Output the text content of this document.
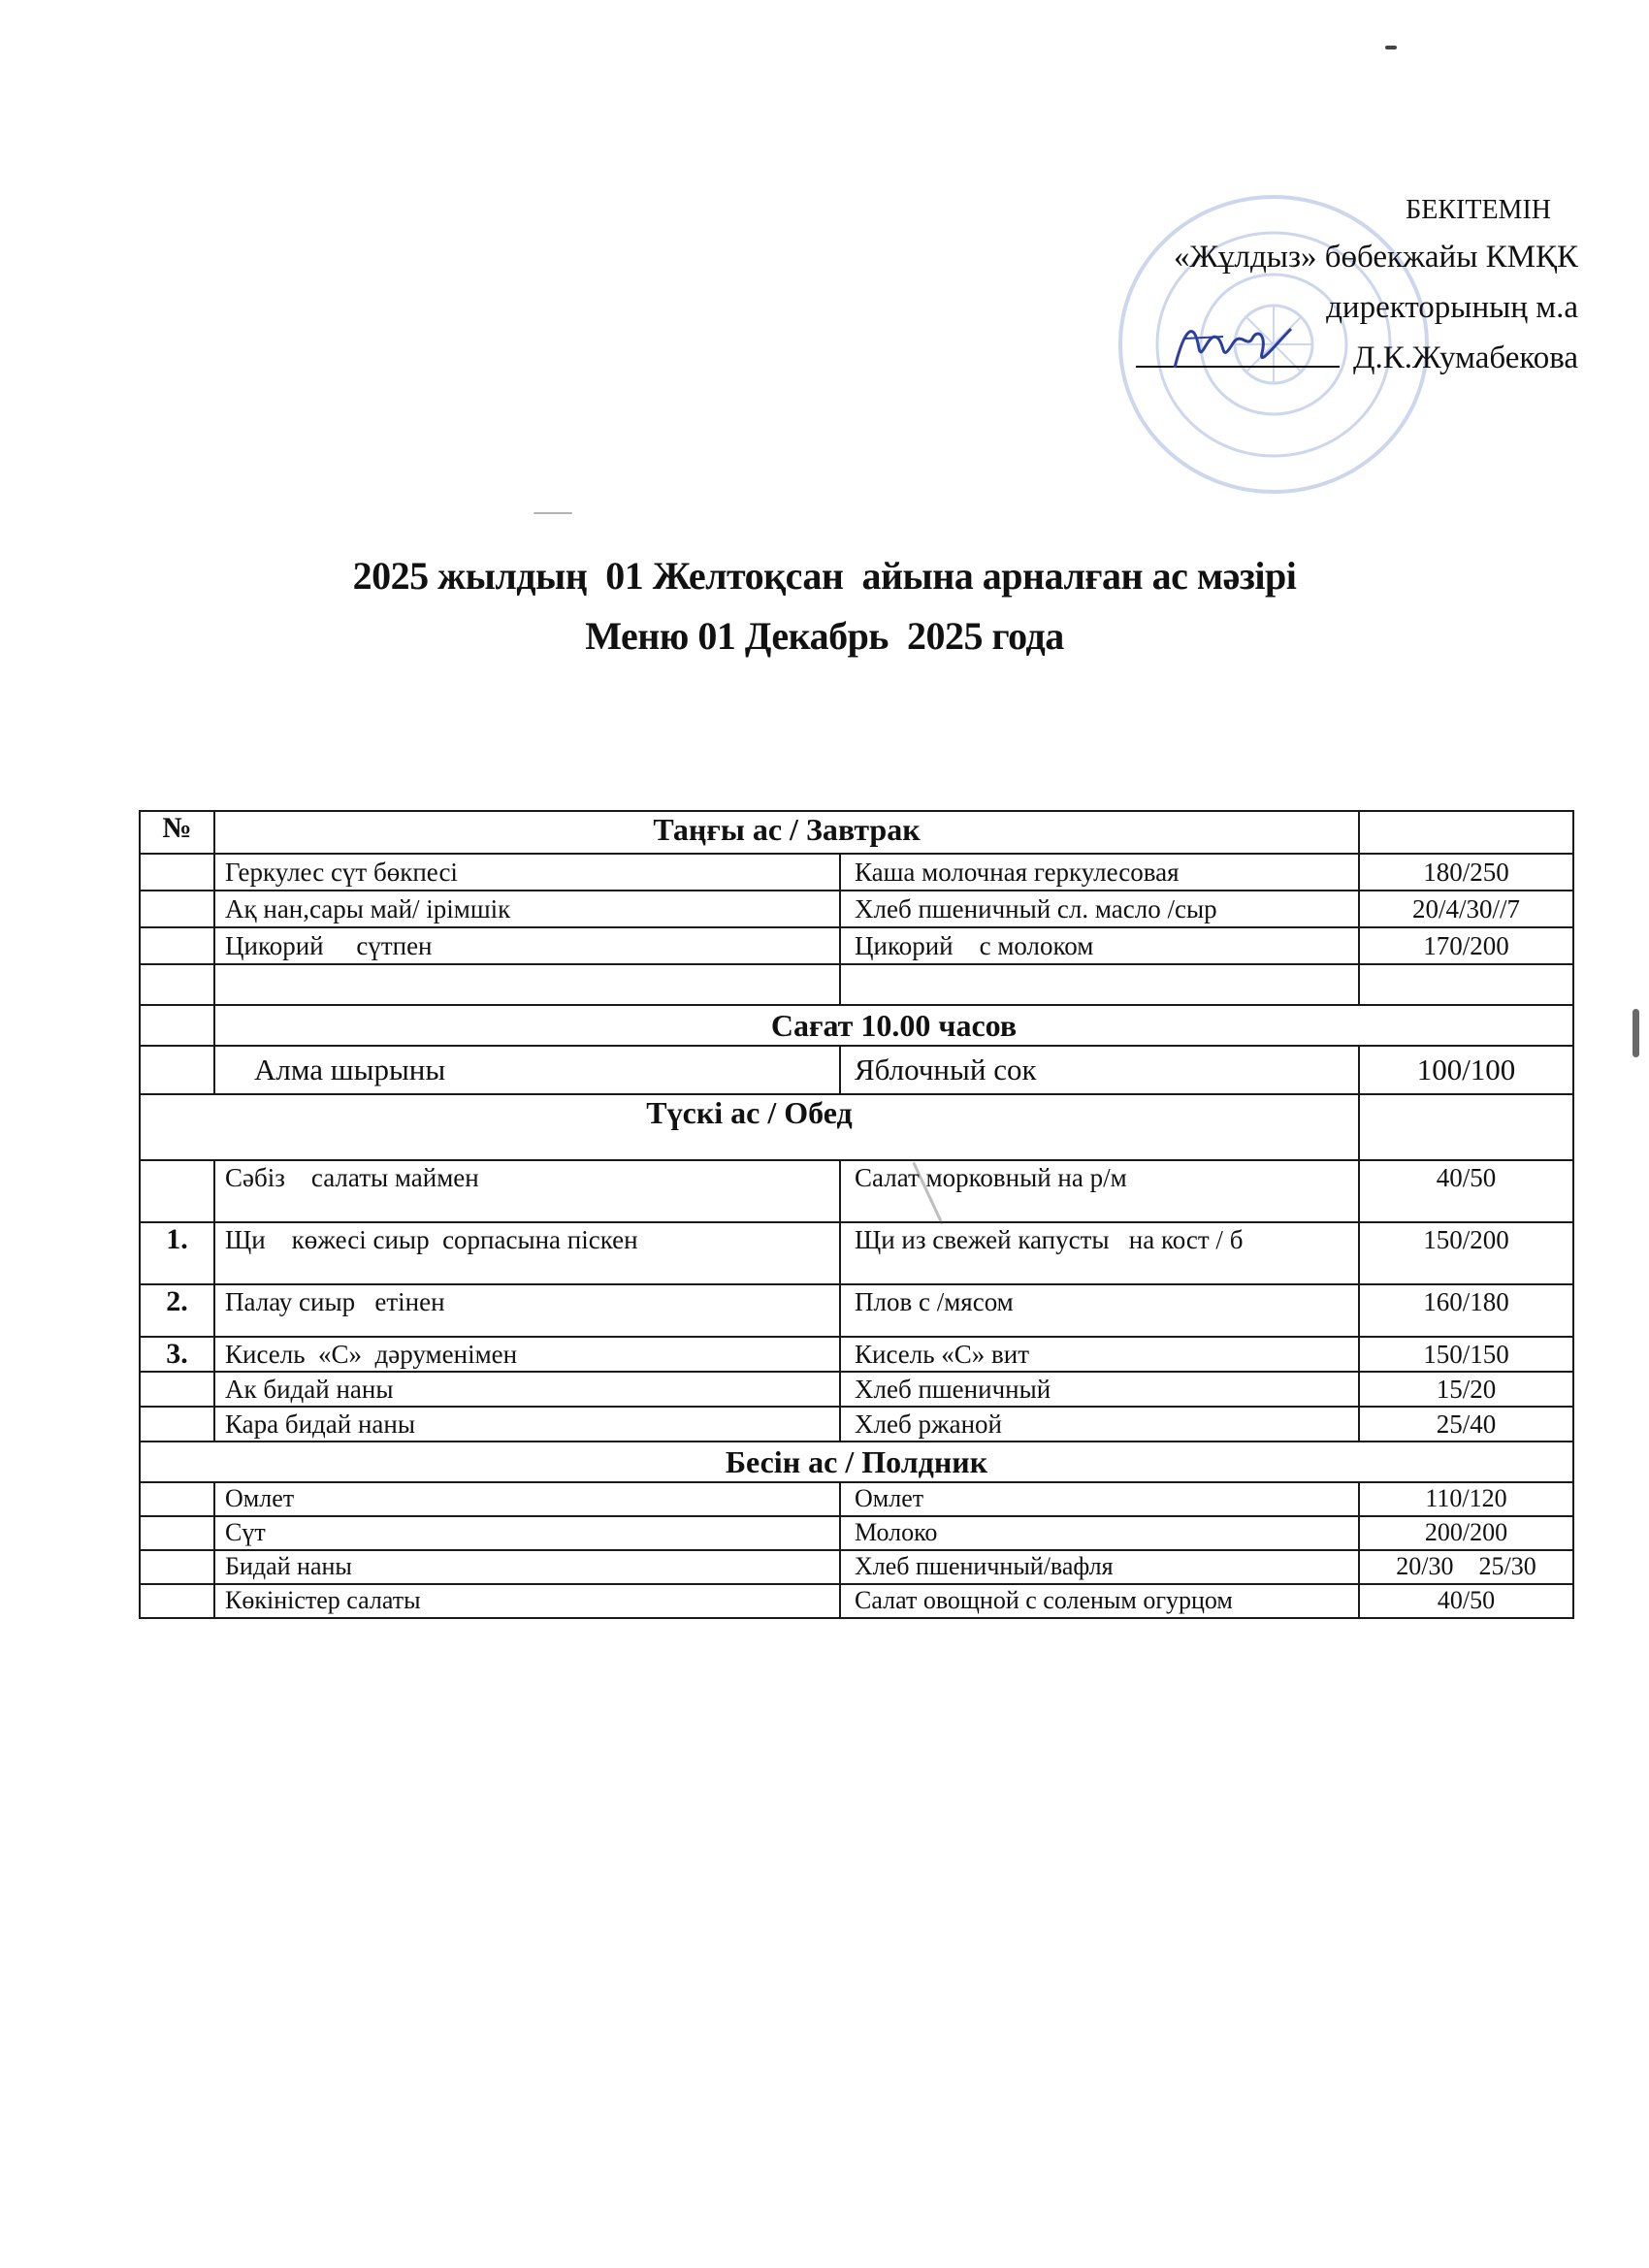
БЕКІТЕМІН
«Жұлдыз» бөбекжайы КМҚК
директорының м.а
Д.К.Жумабекова
2025 жылдың  01 Желтоқсан  айына арналған ас мәзірі
Меню 01 Декабрь  2025 года
№	Таңғы ас / Завтрак		
	Геркулес сүт бөкпесі	Каша молочная геркулесовая	180/250
	Ақ нан,сары май/ ірімшік	Хлеб пшеничный сл. масло /сыр	20/4/30//7
	Цикорий     сүтпен	Цикорий    с молоком	170/200

	Сағат 10.00 часов		
	Алма шырыны	Яблочный сок	100/100
Түскі ас / Обед			
	Сәбіз    салаты маймен	Салат морковный на р/м	40/50
1.	Щи    көжесі сиыр  сорпасына піскен	Щи из свежей капусты   на кост / б	150/200
2.	Палау сиыр   етінен	Плов с /мясом	160/180
3.	Кисель  «С»  дәруменімен	Кисель «С» вит	150/150
	Ак бидай наны	Хлеб пшеничный	15/20
	Кара бидай наны	Хлеб ржаной	25/40
Бесін ас / Полдник			
	Омлет	Омлет	110/120
	Сүт	Молоко	200/200
	Бидай наны	Хлеб пшеничный/вафля	20/30    25/30
	Көкіністер салаты	Салат овощной с соленым огурцом	40/50
